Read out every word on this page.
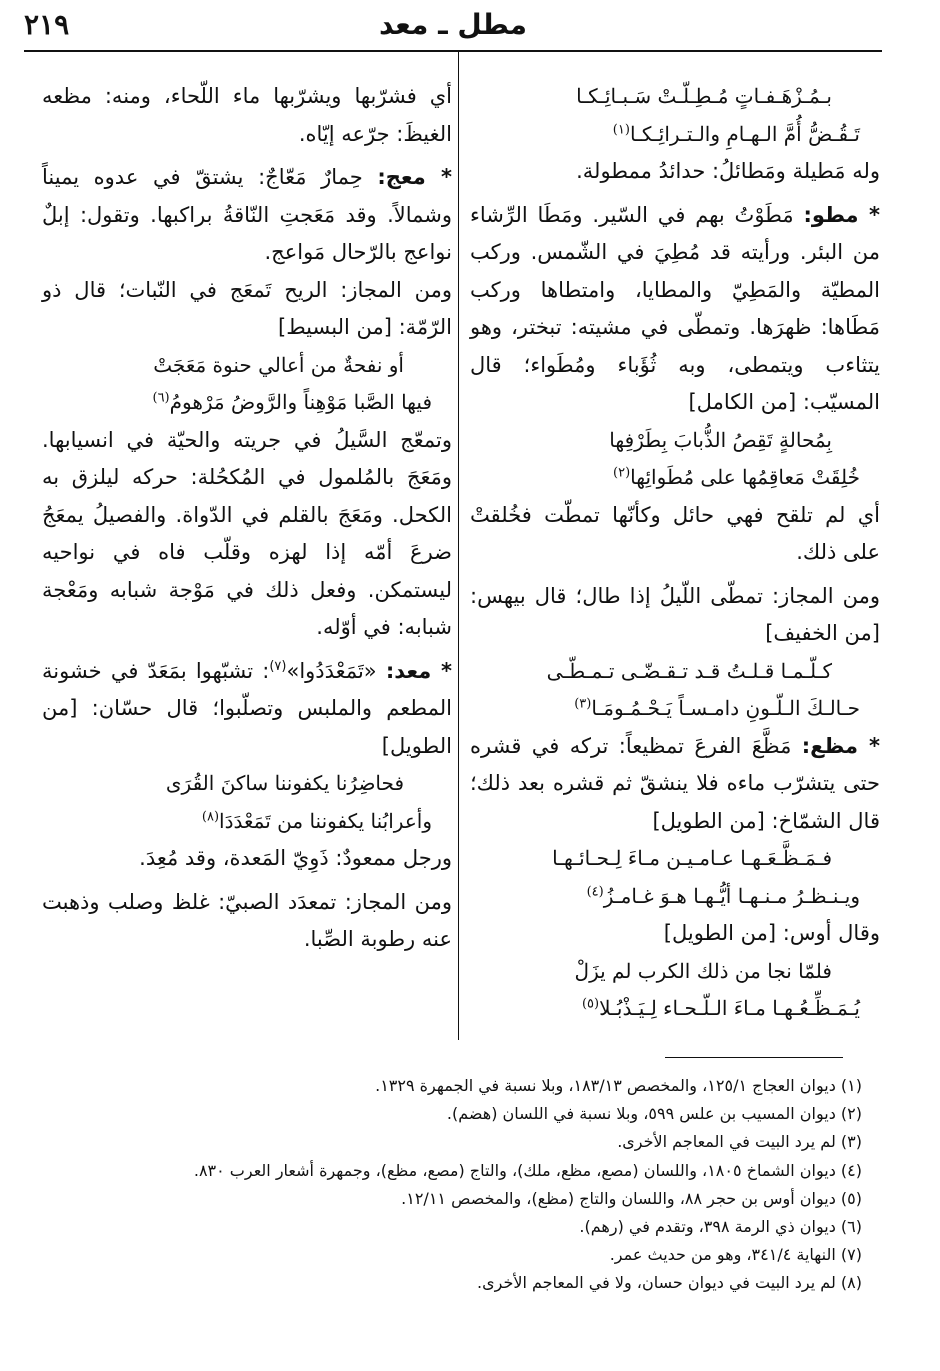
٢١٩	مطل ـ معد
بـمُـزْهَـفـاتٍ مُـطِـلّـتْ سَـبـائِـكـا
تَـقُـضُّ أُمَّ الـهـامِ والـتـرائِـكـا$^{(١)}$
وله مَطيلة ومَطائلُ: حدائدُ ممطولة.
* مطو: مَطَوْتُ بهم في السّير. ومَطَا الرِّشاء من البئر. ورأيته قد مُطِيَ في الشّمس. وركب المطيّة والمَطِيّ والمطايا، وامتطاها وركب مَطَاها: ظهرَها. وتمطّى في مشيته: تبختر، وهو يتثاءب ويتمطى، وبه ثُؤَباء ومُطَواء؛ قال المسيّب: [من الكامل]
بِمُحالةٍ تَقِصُ الذُّبابَ بِطَرْفِها
خُلِقَتْ مَعاقِمُها على مُطَوائِها$^{(٢)}$
أي لم تلقح فهي حائل وكأنّها تمطّت فخُلقتْ على ذلك.
ومن المجاز: تمطّى اللّيلُ إذا طال؛ قال بيهس: [من الخفيف]
كـلّـمـا قـلـتُ قـد تـقـضّـى تـمـطّـى
حـالـكَ الـلّـونِ دامـسـاً يَـحْـمُـومَـا$^{(٣)}$
* مظع: مَظَّعَ الفرعَ تمظيعاً: تركه في قشره حتى يتشرّب ماءه فلا ينشقّ ثم قشره بعد ذلك؛ قال الشمّاخ: [من الطويل]
فـمَـظَّـعَـهـا عـامـيـن مـاءَ لِـحـائـهـا
ويـنـظـرُ مـنـهـا أيُّـهـا هـوَ غـامـزُ$^{(٤)}$
وقال أوس: [من الطويل]
فلمّا نجا من ذلك الكرب لم يزَلْ
يُـمَـظِّـعُـهـا مـاءَ الـلّـحـاء لِـيَـذْبُـلا$^{(٥)}$
أي فشرّبها ويشرّبها ماء اللّحاء، ومنه: مظعه الغيظَ: جرّعه إيّاه.
* معج: حِمارٌ مَعّاجٌ: يشتقّ في عدوه يميناً وشمالاً. وقد مَعَجتِ النّاقةُ براكبها. وتقول: إبلٌ نواعج بالرّحال مَواعج.
ومن المجاز: الريح تَمعَج في النّبات؛ قال ذو الرّمّة: [من البسيط]
أو نفحةٌ من أعالي حنوة مَعَجَتْ
فيها الصَّبا مَوْهِناً والرَّوضُ مَرْهومُ$^{(٦)}$
وتمعّج السَّيلُ في جريته والحيّة في انسيابها. ومَعَجَ بالمُلمول في المُكحُلة: حركه ليلزق به الكحل. ومَعَجَ بالقلم في الدّواة. والفصيلُ يمعَجُ ضرعَ أمّه إذا لهزه وقلّب فاه في نواحيه ليستمكن. وفعل ذلك في مَوْجة شبابه ومَعْجة شبابه: في أوّله.
* معد: «تَمَعْدَدُوا»$^{(٧)}$: تشبّهوا بمَعَدّ في خشونة المطعم والملبس وتصلّبوا؛ قال حسّان: [من الطويل]
فحاضِرُنا يكفوننا ساكنَ القُرَى
وأعرابُنا يكفوننا من تَمَعْدَدَا$^{(٨)}$
ورجل ممعودٌ: ذَوِيّ المَعدة، وقد مُعِدَ.
ومن المجاز: تمعدَد الصبيّ: غلظ وصلب وذهبت عنه رطوبة الصِّبا.
(١) ديوان العجاج ١٢٥/١، والمخصص ١٨٣/١٣، وبلا نسبة في الجمهرة ١٣٢٩.
(٢) ديوان المسيب بن علس ٥٩٩، وبلا نسبة في اللسان (هضم).
(٣) لم يرد البيت في المعاجم الأخرى.
(٤) ديوان الشماخ ١٨٠٥، واللسان (مصع، مظع، ملك)، والتاج (مصع، مظع)، وجمهرة أشعار العرب ٨٣٠.
(٥) ديوان أوس بن حجر ٨٨، واللسان والتاج (مظع)، والمخصص ١٢/١١.
(٦) ديوان ذي الرمة ٣٩٨، وتقدم في (رهم).
(٧) النهاية ٣٤١/٤، وهو من حديث عمر.
(٨) لم يرد البيت في ديوان حسان، ولا في المعاجم الأخرى.
